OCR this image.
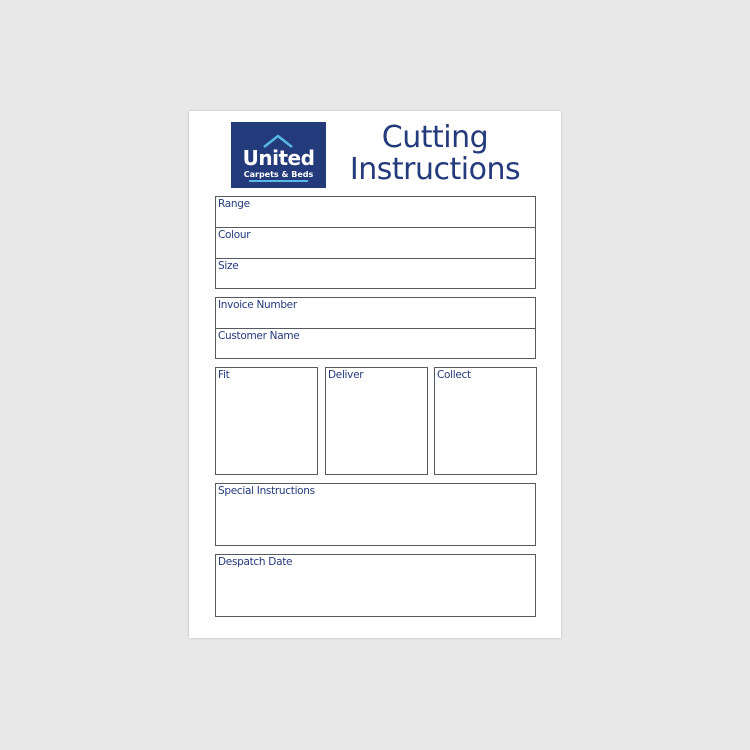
United
Carpets & Beds
Cutting
Instructions
Range
Colour
Size
Invoice Number
Customer Name
Fit	Deliver	Collect
Special Instructions
Despatch Date
